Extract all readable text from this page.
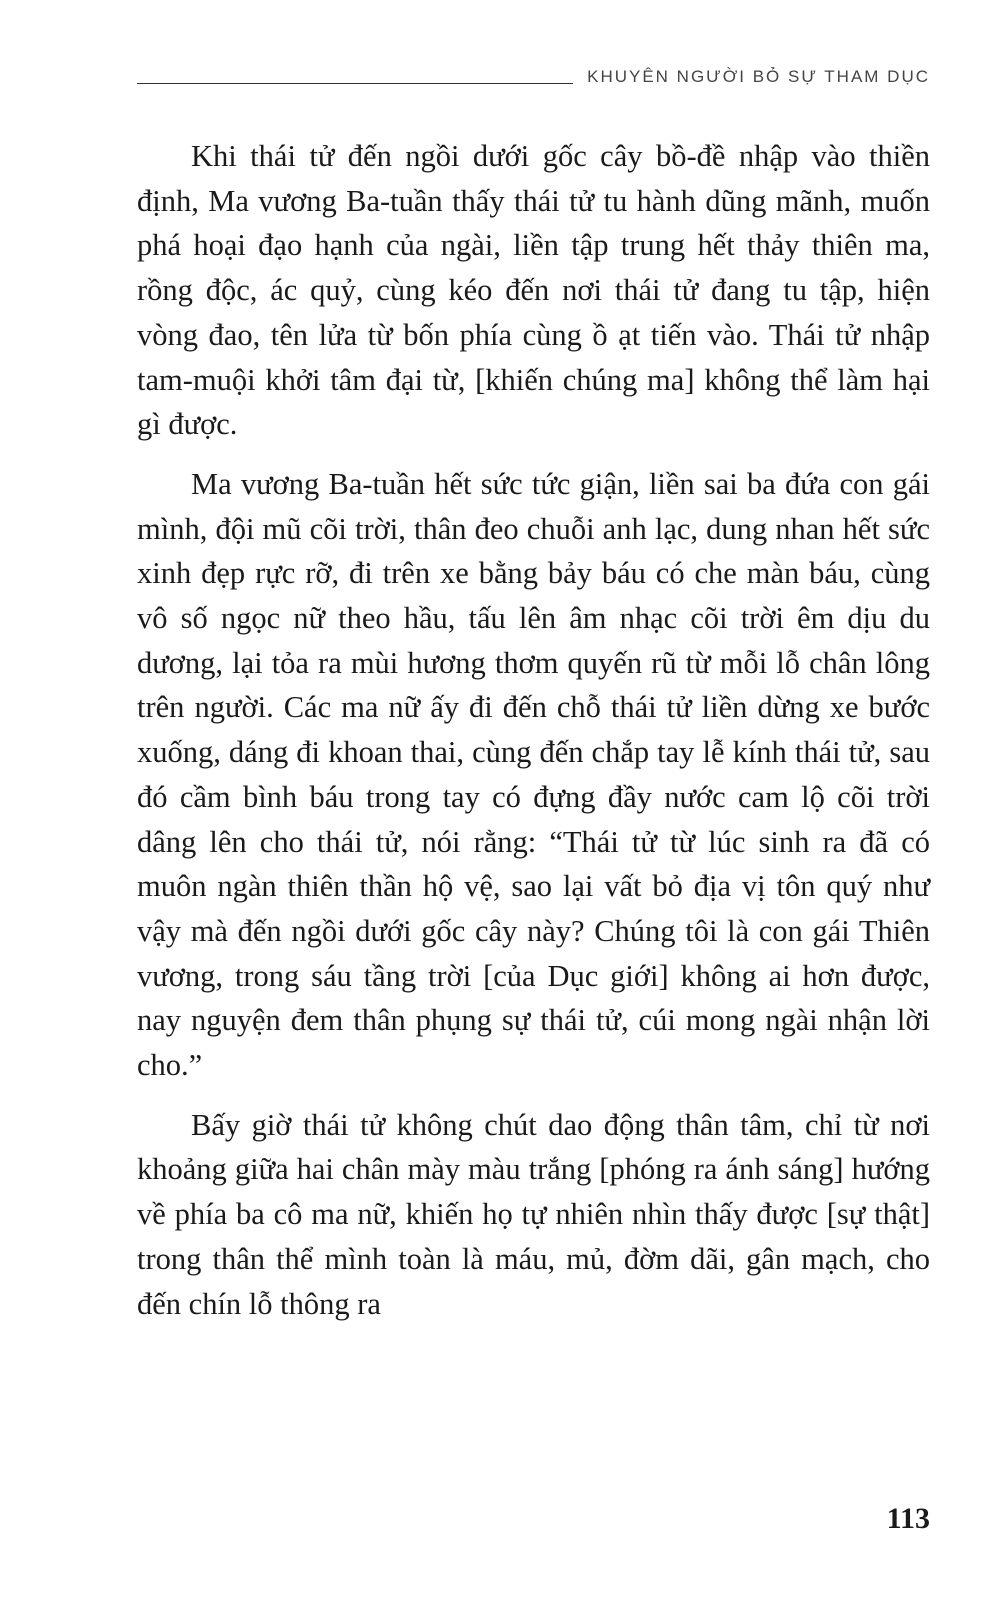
KHUYÊN NGƯỜI BỎ SỰ THAM DỤC

Khi thái tử đến ngồi dưới gốc cây bồ-đề nhập vào thiền định, Ma vương Ba-tuần thấy thái tử tu hành dũng mãnh, muốn phá hoại đạo hạnh của ngài, liền tập trung hết thảy thiên ma, rồng độc, ác quỷ, cùng kéo đến nơi thái tử đang tu tập, hiện vòng đao, tên lửa từ bốn phía cùng ồ ạt tiến vào. Thái tử nhập tam-muội khởi tâm đại từ, [khiến chúng ma] không thể làm hại gì được.

Ma vương Ba-tuần hết sức tức giận, liền sai ba đứa con gái mình, đội mũ cõi trời, thân đeo chuỗi anh lạc, dung nhan hết sức xinh đẹp rực rỡ, đi trên xe bằng bảy báu có che màn báu, cùng vô số ngọc nữ theo hầu, tấu lên âm nhạc cõi trời êm dịu du dương, lại tỏa ra mùi hương thơm quyến rũ từ mỗi lỗ chân lông trên người. Các ma nữ ấy đi đến chỗ thái tử liền dừng xe bước xuống, dáng đi khoan thai, cùng đến chắp tay lễ kính thái tử, sau đó cầm bình báu trong tay có đựng đầy nước cam lộ cõi trời dâng lên cho thái tử, nói rằng: “Thái tử từ lúc sinh ra đã có muôn ngàn thiên thần hộ vệ, sao lại vất bỏ địa vị tôn quý như vậy mà đến ngồi dưới gốc cây này? Chúng tôi là con gái Thiên vương, trong sáu tầng trời [của Dục giới] không ai hơn được, nay nguyện đem thân phụng sự thái tử, cúi mong ngài nhận lời cho.”

Bấy giờ thái tử không chút dao động thân tâm, chỉ từ nơi khoảng giữa hai chân mày màu trắng [phóng ra ánh sáng] hướng về phía ba cô ma nữ, khiến họ tự nhiên nhìn thấy được [sự thật] trong thân thể mình toàn là máu, mủ, đờm dãi, gân mạch, cho đến chín lỗ thông ra

113
